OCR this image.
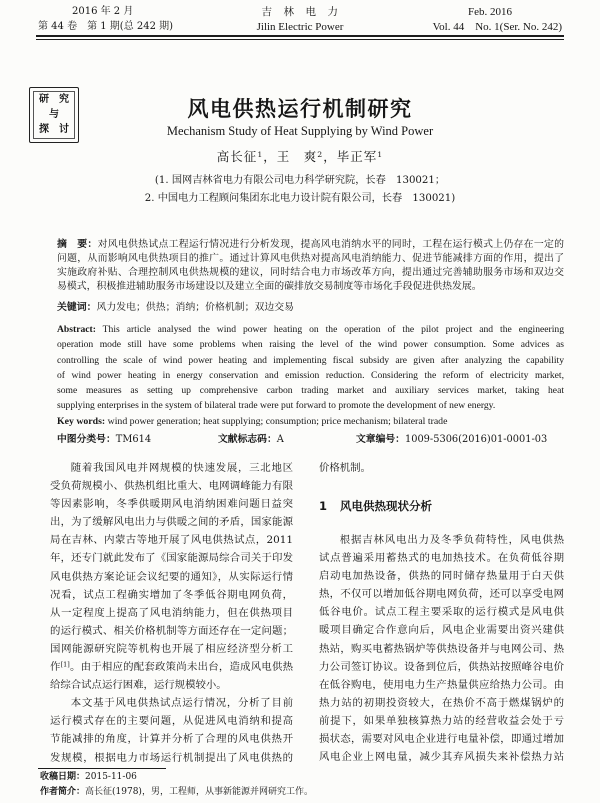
2016 年 2 月
第 44 卷　第 1 期(总 242 期)
吉　林　电　力
Jilin Electric Power
Feb. 2016
Vol. 44　No. 1(Ser. No. 242)
研　究
与
探　讨
风电供热运行机制研究
Mechanism Study of Heat Supplying by Wind Power
高长征$^1$，王　爽$^2$，毕正军$^1$
(1. 国网吉林省电力有限公司电力科学研究院，长春　130021；
2. 中国电力工程顾问集团东北电力设计院有限公司，长春　130021)
摘　要：对风电供热试点工程运行情况进行分析发现，提高风电消纳水平的同时，工程在运行模式上仍存在一定的
问题，从而影响风电供热项目的推广。通过计算风电供热对提高风电消纳能力、促进节能减排方面的作用，提出了
实施政府补贴、合理控制风电供热规模的建议，同时结合电力市场改革方向，提出通过完善辅助服务市场和双边交
易模式，积极推进辅助服务市场建设以及建立全面的碳排放交易制度等市场化手段促进供热发展。
关键词：风力发电；供热；消纳；价格机制；双边交易
Abstract: This article analysed the wind power heating on the operation of the pilot project and the engineering
operation mode still have some problems when raising the level of the wind power consumption. Some advices as
controlling the scale of wind power heating and implementing fiscal subsidy are given after analyzing the capability
of wind power heating in energy conservation and emission reduction. Considering the reform of electricity market,
some measures as setting up comprehensive carbon trading market and auxiliary services market, taking heat
supplying enterprises in the system of bilateral trade were put forward to promote the development of new energy.
Key words: wind power generation; heat supplying; consumption; price mechanism; bilateral trade
中图分类号：TM614	文献标志码：A	文章编号：1009-5306(2016)01-0001-03
随着我国风电并网规模的快速发展，三北地区
受负荷规模小、供热机组比重大、电网调峰能力有限
等因素影响，冬季供暖期风电消纳困难问题日益突
出，为了缓解风电出力与供暖之间的矛盾，国家能源
局在吉林、内蒙古等地开展了风电供热试点，2011
年，还专门就此发布了《国家能源局综合司关于印发
风电供热方案论证会议纪要的通知》，从实际运行情
况看，试点工程确实增加了冬季低谷期电网负荷，
从一定程度上提高了风电消纳能力，但在供热项目
的运行模式、相关价格机制等方面还存在一定问题；
国网能源研究院等机构也开展了相应经济型分析工
作[1]。由于相应的配套政策尚未出台，造成风电供热
给综合试点运行困难，运行规模较小。
本文基于风电供热试点运行情况，分析了目前
运行模式存在的主要问题，从促进风电消纳和提高
节能减排的角度，计算并分析了合理的风电供热开
发规模，根据电力市场运行机制提出了风电供热的
价格机制。
1 风电供热现状分析
根据吉林风电出力及冬季负荷特性，风电供热
试点普遍采用蓄热式的电加热技术。在负荷低谷期
启动电加热设备，供热的同时储存热量用于白天供
热，不仅可以增加低谷期电网负荷，还可以享受电网
低谷电价。试点工程主要采取的运行模式是风电供
暖项目确定合作意向后，风电企业需要出资兴建供
热站，购买电蓄热锅炉等供热设备并与电网公司、热
力公司签订协议。设备到位后，供热站按照峰谷电价
在低谷购电，使用电力生产热量供应给热力公司。由
热力站的初期投资较大，在热价不高于燃煤锅炉的
前提下，如果单独核算热力站的经营收益会处于亏
损状态，需要对风电企业进行电量补偿，即通过增加
风电企业上网电量，减少其弃风损失来补偿热力站
收稿日期：2015-11-06
作者简介：高长征(1978)，男，工程师，从事新能源并网研究工作。
